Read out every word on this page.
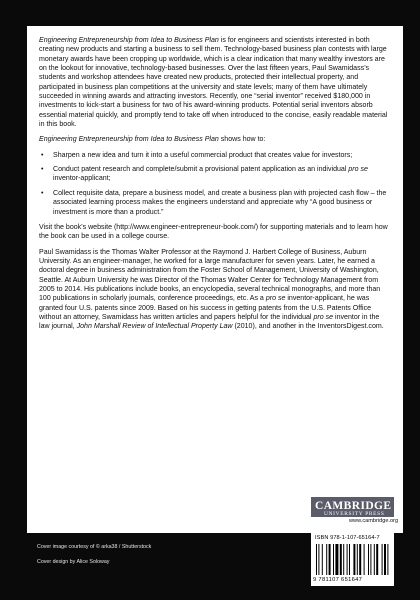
Engineering Entrepreneurship from Idea to Business Plan is for engineers and scientists interested in both creating new products and starting a business to sell them. Technology-based business plan contests with large monetary awards have been cropping up worldwide, which is a clear indication that many wealthy investors are on the lookout for innovative, technology-based businesses. Over the last fifteen years, Paul Swamidass’s students and workshop attendees have created new products, protected their intellectual property, and participated in business plan competitions at the university and state levels; many of them have ultimately succeeded in winning awards and attracting investors. Recently, one “serial inventor” received $180,000 in investments to kick-start a business for two of his award-winning products. Potential serial inventors absorb essential material quickly, and promptly tend to take off when introduced to the concise, easily readable material in this book.

Engineering Entrepreneurship from Idea to Business Plan shows how to:

• Sharpen a new idea and turn it into a useful commercial product that creates value for investors;
• Conduct patent research and complete/submit a provisional patent application as an individual pro se inventor-applicant;
• Collect requisite data, prepare a business model, and create a business plan with projected cash flow – the associated learning process makes the engineers understand and appreciate why “A good business or investment is more than a product.”

Visit the book’s website (http://www.engineer-entrepreneur-book.com/) for supporting materials and to learn how the book can be used in a college course.

Paul Swamidass is the Thomas Walter Professor at the Raymond J. Harbert College of Business, Auburn University. As an engineer-manager, he worked for a large manufacturer for seven years. Later, he earned a doctoral degree in business administration from the Foster School of Management, University of Washington, Seattle. At Auburn University he was Director of the Thomas Walter Center for Technology Management from 2005 to 2014. His publications include books, an encyclopedia, several technical monographs, and more than 100 publications in scholarly journals, conference proceedings, etc. As a pro se inventor-applicant, he was granted four U.S. patents since 2009. Based on his success in getting patents from the U.S. Patents Office without an attorney, Swamidass has written articles and papers helpful for the individual pro se inventor in the law journal, John Marshall Review of Intellectual Property Law (2010), and another in the InventorsDigest.com.

CAMBRIDGE
UNIVERSITY PRESS
www.cambridge.org
ISBN 978-1-107-65164-7
9 781107 651647
Cover image courtesy of © arka38 / Shutterstock
Cover design by Alice Soloway
